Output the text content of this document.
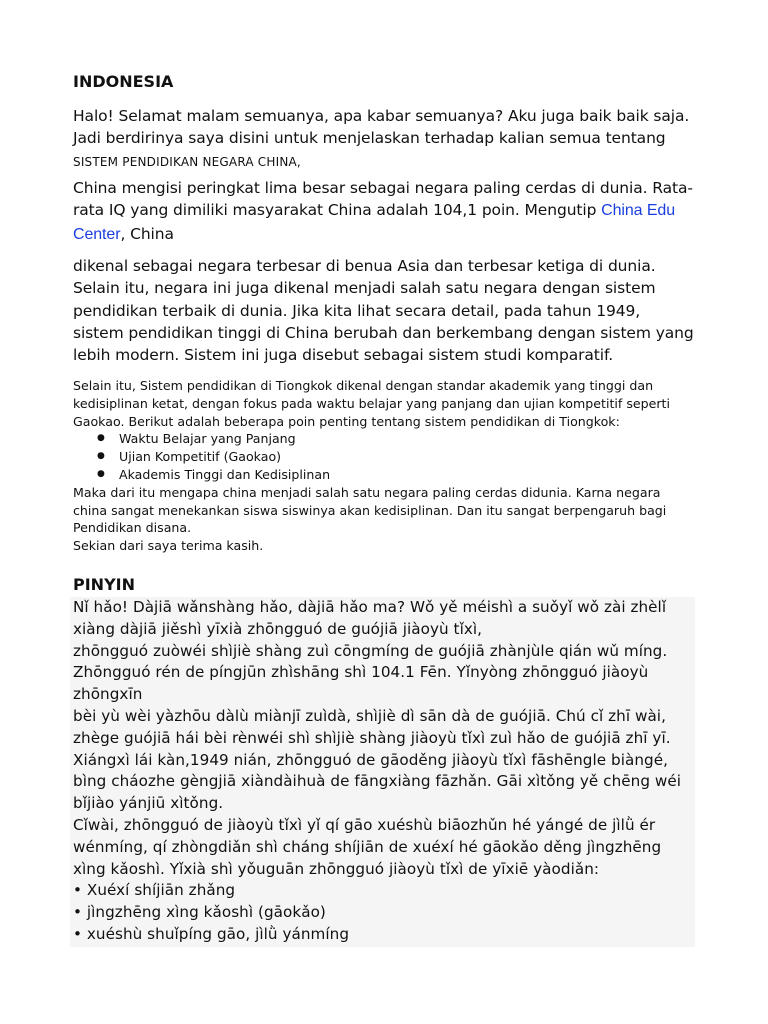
INDONESIA

Halo! Selamat malam semuanya, apa kabar semuanya? Aku juga baik baik saja. Jadi berdirinya saya disini untuk menjelaskan terhadap kalian semua tentang SISTEM PENDIDIKAN NEGARA CHINA,

China mengisi peringkat lima besar sebagai negara paling cerdas di dunia. Rata-rata IQ yang dimiliki masyarakat China adalah 104,1 poin. Mengutip China Edu Center, China

dikenal sebagai negara terbesar di benua Asia dan terbesar ketiga di dunia. Selain itu, negara ini juga dikenal menjadi salah satu negara dengan sistem pendidikan terbaik di dunia. Jika kita lihat secara detail, pada tahun 1949, sistem pendidikan tinggi di China berubah dan berkembang dengan sistem yang lebih modern. Sistem ini juga disebut sebagai sistem studi komparatif.

Selain itu, Sistem pendidikan di Tiongkok dikenal dengan standar akademik yang tinggi dan kedisiplinan ketat, dengan fokus pada waktu belajar yang panjang dan ujian kompetitif seperti Gaokao. Berikut adalah beberapa poin penting tentang sistem pendidikan di Tiongkok:

● Waktu Belajar yang Panjang
● Ujian Kompetitif (Gaokao)
● Akademis Tinggi dan Kedisiplinan

Maka dari itu mengapa china menjadi salah satu negara paling cerdas didunia. Karna negara china sangat menekankan siswa siswinya akan kedisiplinan. Dan itu sangat berpengaruh bagi Pendidikan disana.

Sekian dari saya terima kasih.

PINYIN

Nǐ hǎo! Dàjiā wǎnshàng hǎo, dàjiā hǎo ma? Wǒ yě méishì a suǒyǐ wǒ zài zhèlǐ xiàng dàjiā jiěshì yīxià zhōngguó de guójiā jiàoyù tǐxì,

zhōngguó zuòwéi shìjiè shàng zuì cōngmíng de guójiā zhànjùle qián wǔ míng. Zhōngguó rén de píngjūn zhìshāng shì 104.1 Fēn. Yǐnyòng zhōngguó jiàoyù zhōngxīn

bèi yù wèi yàzhōu dàlù miànjī zuìdà, shìjiè dì sān dà de guójiā. Chú cǐ zhī wài, zhège guójiā hái bèi rènwéi shì shìjiè shàng jiàoyù tǐxì zuì hǎo de guójiā zhī yī. Xiángxì lái kàn,1949 nián, zhōngguó de gāoděng jiàoyù tǐxì fāshēngle biàngé, bìng cháozhe gèngjiā xiàndàihuà de fāngxiàng fāzhǎn. Gāi xìtǒng yě chēng wéi bǐjiào yánjiū xìtǒng.

Cǐwài, zhōngguó de jiàoyù tǐxì yǐ qí gāo xuéshù biāozhǔn hé yángé de jìlǜ ér wénmíng, qí zhòngdiǎn shì cháng shíjiān de xuéxí hé gāokǎo děng jìngzhēng xìng kǎoshì. Yǐxià shì yǒuguān zhōngguó jiàoyù tǐxì de yīxiē yàodiǎn:

• Xuéxí shíjiān zhǎng

• jìngzhēng xìng kǎoshì (gāokǎo)

• xuéshù shuǐpíng gāo, jìlǜ yánmíng
